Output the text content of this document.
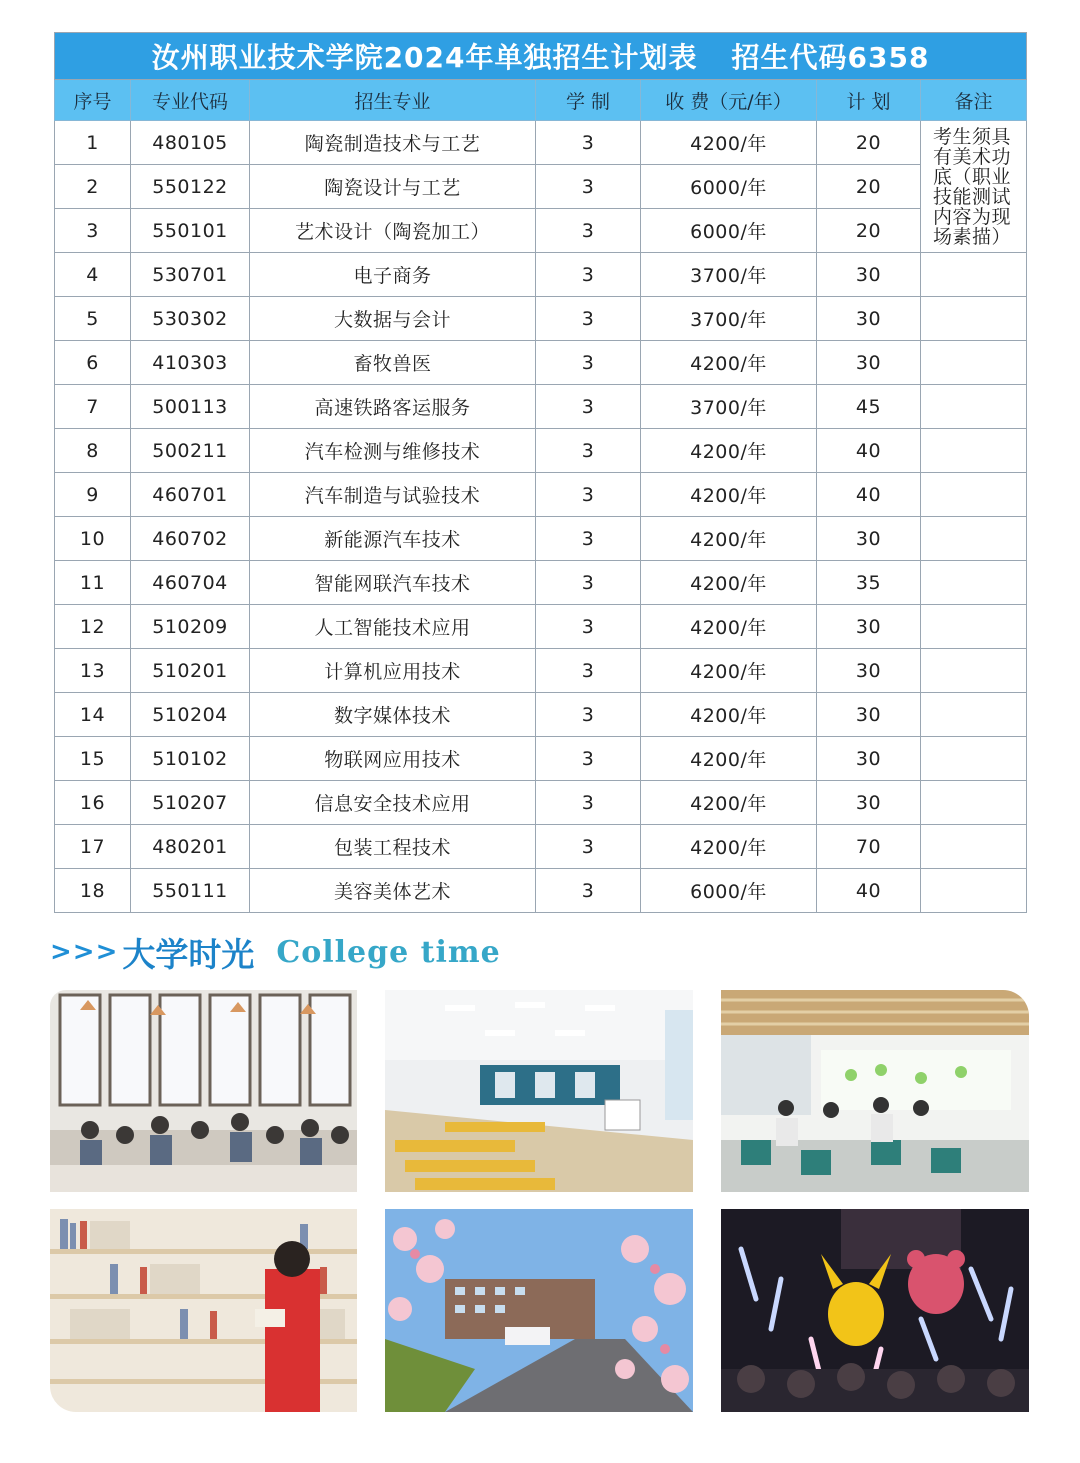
汝州职业技术学院2024年单独招生计划表 招生代码6358						
序号	专业代码	招生专业	学 制	收 费（元/年）	计 划	备注
1	480105	陶瓷制造技术与工艺	3	4200/年	20	考生须具有美术功底（职业技能测试内容为现场素描）
2	550122	陶瓷设计与工艺	3	6000/年	20	
3	550101	艺术设计（陶瓷加工）	3	6000/年	20	
4	530701	电子商务	3	3700/年	30	
5	530302	大数据与会计	3	3700/年	30	
6	410303	畜牧兽医	3	4200/年	30	
7	500113	高速铁路客运服务	3	3700/年	45	
8	500211	汽车检测与维修技术	3	4200/年	40	
9	460701	汽车制造与试验技术	3	4200/年	40	
10	460702	新能源汽车技术	3	4200/年	30	
11	460704	智能网联汽车技术	3	4200/年	35	
12	510209	人工智能技术应用	3	4200/年	30	
13	510201	计算机应用技术	3	4200/年	30	
14	510204	数字媒体技术	3	4200/年	30	
15	510102	物联网应用技术	3	4200/年	30	
16	510207	信息安全技术应用	3	4200/年	30	
17	480201	包装工程技术	3	4200/年	70	
18	550111	美容美体艺术	3	6000/年	40	
>>> 大学时光 College time
